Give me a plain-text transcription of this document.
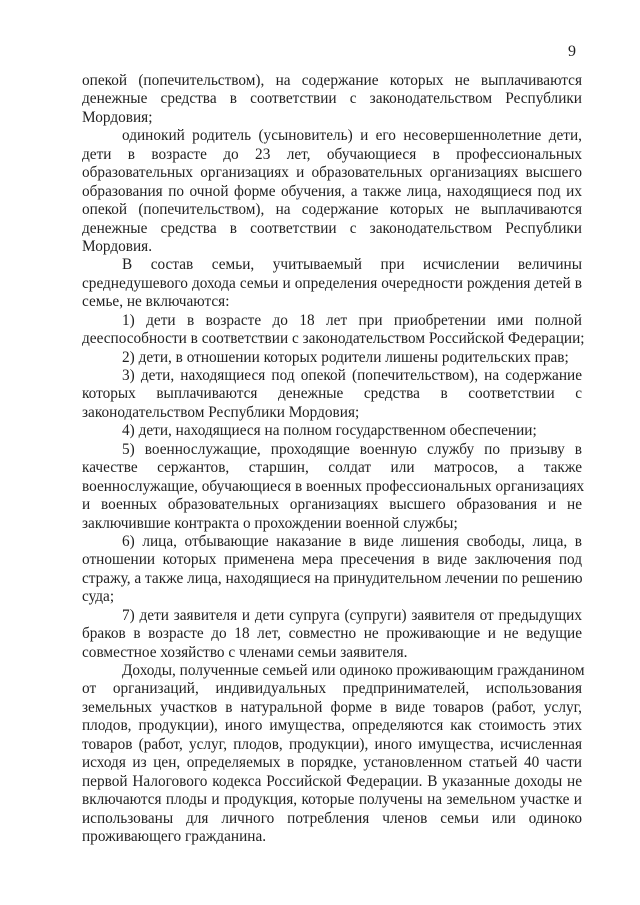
9
опекой (попечительством), на содержание которых не выплачиваются
денежные средства в соответствии с законодательством Республики
Мордовия;
одинокий родитель (усыновитель) и его несовершеннолетние дети,
дети в возрасте до 23 лет, обучающиеся в профессиональных
образовательных организациях и образовательных организациях высшего
образования по очной форме обучения, а также лица, находящиеся под их
опекой (попечительством), на содержание которых не выплачиваются
денежные средства в соответствии с законодательством Республики
Мордовия.
В состав семьи, учитываемый при исчислении величины
среднедушевого дохода семьи и определения очередности рождения детей в
семье, не включаются:
1) дети в возрасте до 18 лет при приобретении ими полной
дееспособности в соответствии с законодательством Российской Федерации;
2) дети, в отношении которых родители лишены родительских прав;
3) дети, находящиеся под опекой (попечительством), на содержание
которых выплачиваются денежные средства в соответствии с
законодательством Республики Мордовия;
4) дети, находящиеся на полном государственном обеспечении;
5) военнослужащие, проходящие военную службу по призыву в
качестве сержантов, старшин, солдат или матросов, а также
военнослужащие, обучающиеся в военных профессиональных организациях
и военных образовательных организациях высшего образования и не
заключившие контракта о прохождении военной службы;
6) лица, отбывающие наказание в виде лишения свободы, лица, в
отношении которых применена мера пресечения в виде заключения под
стражу, а также лица, находящиеся на принудительном лечении по решению
суда;
7) дети заявителя и дети супруга (супруги) заявителя от предыдущих
браков в возрасте до 18 лет, совместно не проживающие и не ведущие
совместное хозяйство с членами семьи заявителя.
Доходы, полученные семьей или одиноко проживающим гражданином
от организаций, индивидуальных предпринимателей, использования
земельных участков в натуральной форме в виде товаров (работ, услуг,
плодов, продукции), иного имущества, определяются как стоимость этих
товаров (работ, услуг, плодов, продукции), иного имущества, исчисленная
исходя из цен, определяемых в порядке, установленном статьей 40 части
первой Налогового кодекса Российской Федерации. В указанные доходы не
включаются плоды и продукция, которые получены на земельном участке и
использованы для личного потребления членов семьи или одиноко
проживающего гражданина.
